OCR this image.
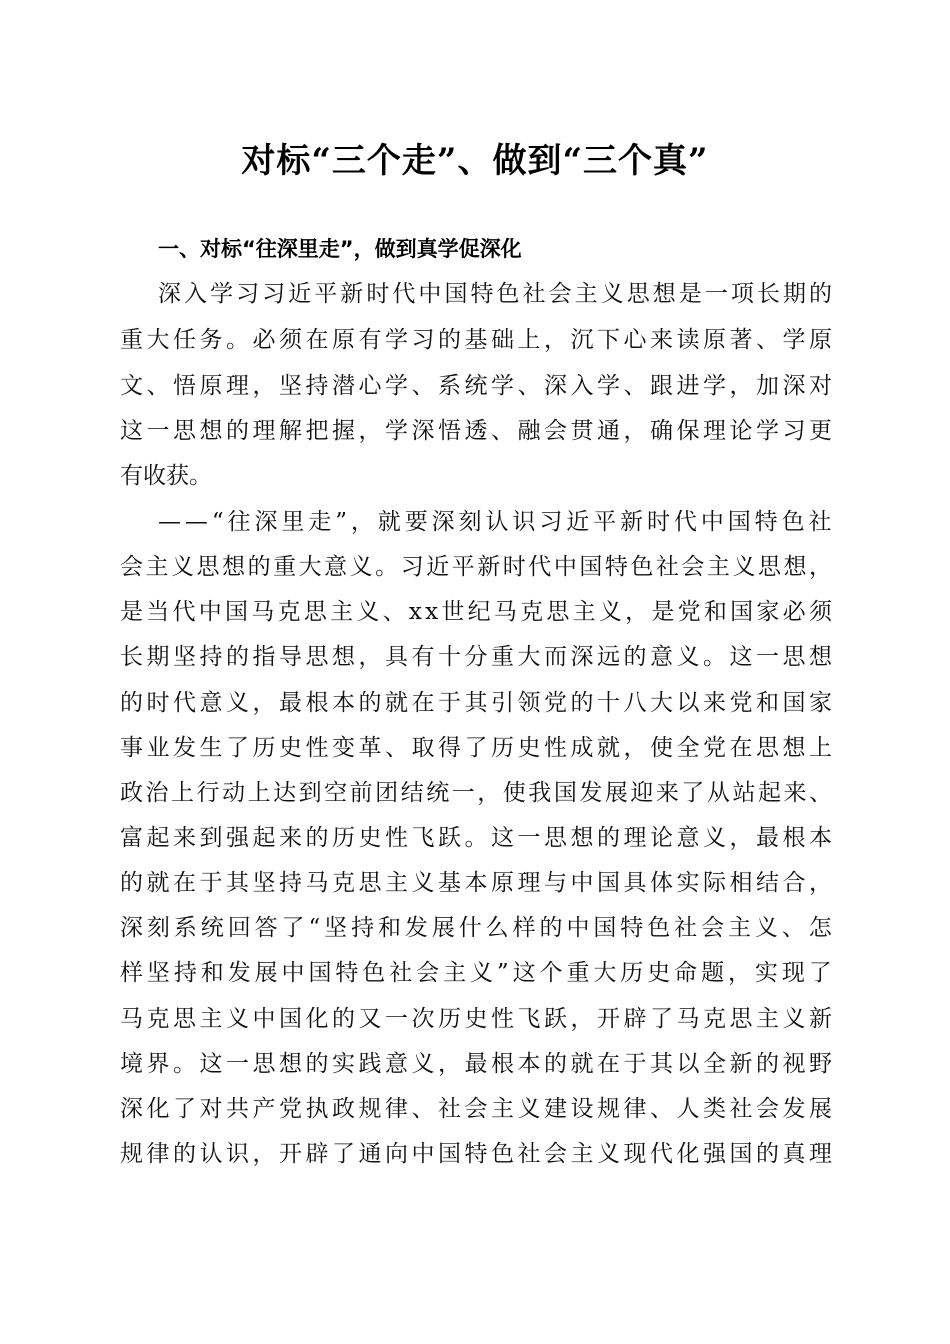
对标“三个走”、做到“三个真”
一、对标“往深里走”，做到真学促深化

深入学习习近平新时代中国特色社会主义思想是一项长期的

重大任务。必须在原有学习的基础上，沉下心来读原著、学原

文、悟原理，坚持潜心学、系统学、深入学、跟进学，加深对

这一思想的理解把握，学深悟透、融会贯通，确保理论学习更

有收获。

——“往深里走”，就要深刻认识习近平新时代中国特色社

会主义思想的重大意义。习近平新时代中国特色社会主义思想，

是当代中国马克思主义、xx世纪马克思主义，是党和国家必须

长期坚持的指导思想，具有十分重大而深远的意义。这一思想

的时代意义，最根本的就在于其引领党的十八大以来党和国家

事业发生了历史性变革、取得了历史性成就，使全党在思想上

政治上行动上达到空前团结统一，使我国发展迎来了从站起来、

富起来到强起来的历史性飞跃。这一思想的理论意义，最根本

的就在于其坚持马克思主义基本原理与中国具体实际相结合，

深刻系统回答了“坚持和发展什么样的中国特色社会主义、怎

样坚持和发展中国特色社会主义”这个重大历史命题，实现了

马克思主义中国化的又一次历史性飞跃，开辟了马克思主义新

境界。这一思想的实践意义，最根本的就在于其以全新的视野

深化了对共产党执政规律、社会主义建设规律、人类社会发展

规律的认识，开辟了通向中国特色社会主义现代化强国的真理
